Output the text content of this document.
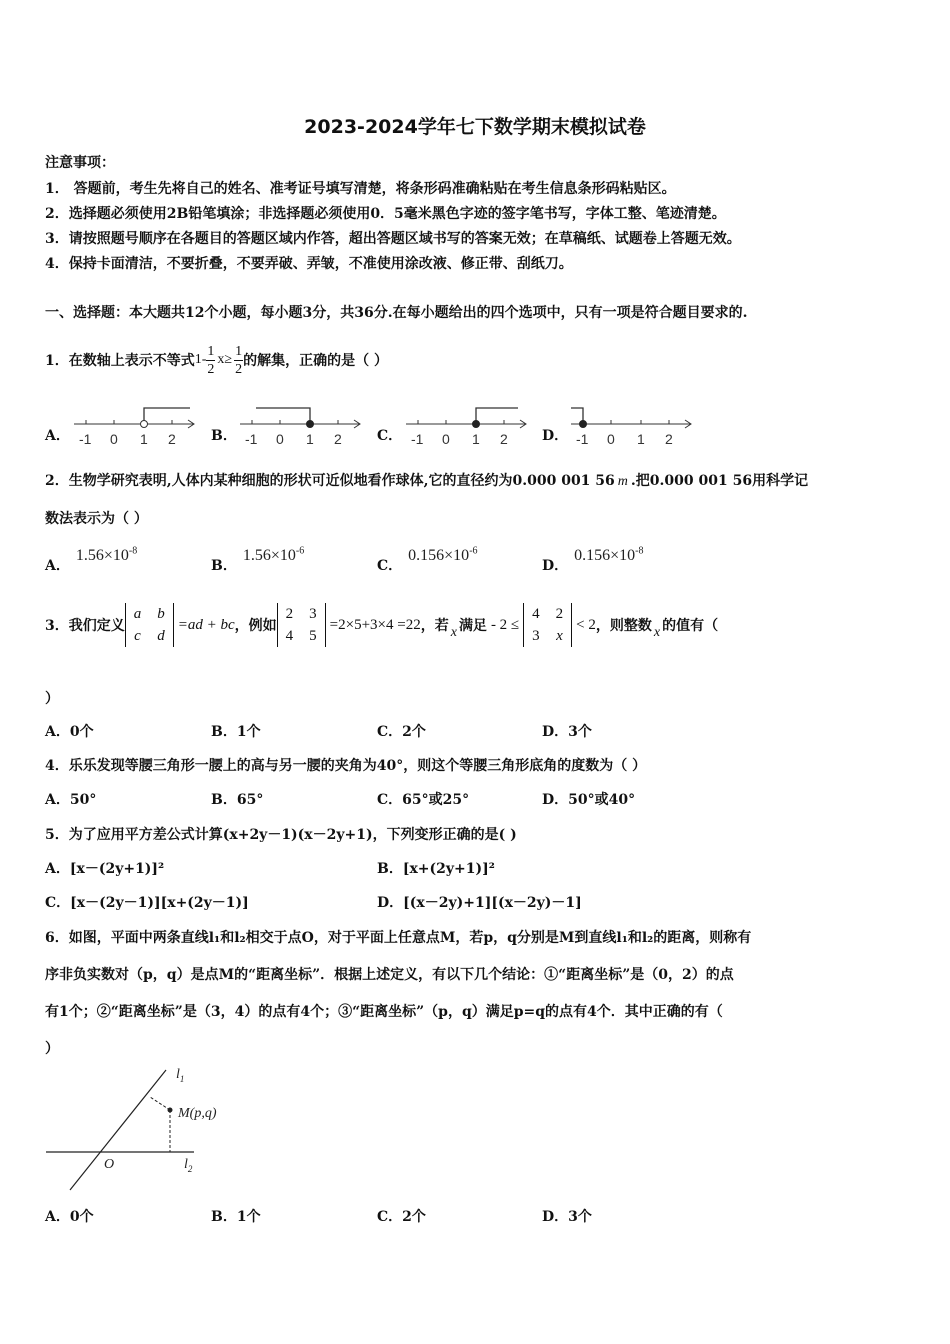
2023-2024学年七下数学期末模拟试卷
注意事项：
1． 答题前，考生先将自己的姓名、准考证号填写清楚，将条形码准确粘贴在考生信息条形码粘贴区。
2．选择题必须使用2B铅笔填涂；非选择题必须使用0．5毫米黑色字迹的签字笔书写，字体工整、笔迹清楚。
3．请按照题号顺序在各题目的答题区域内作答，超出答题区域书写的答案无效；在草稿纸、试题卷上答题无效。
4．保持卡面清洁，不要折叠，不要弄破、弄皱，不准使用涂改液、修正带、刮纸刀。
一、选择题：本大题共12个小题，每小题3分，共36分.在每小题给出的四个选项中，只有一项是符合题目要求的.
1．在数轴上表示不等式 $1- \frac{1}{2} x\ge \frac{1}{2}$ 的解集，正确的是（ ）
A．	B．	C．	D．
-1 0 1 2	-1 0 1 2	-1 0 1 2	-1 0 1 2
2．生物学研究表明,人体内某种细胞的形状可近似地看作球体,它的直径约为0.000 001 56 m .把0.000 001 56用科学记
数法表示为（ ）
A．$1.56\times 10^{-8}$
B．$1.56\times 10^{-6}$
C．$0.156\times 10^{-6}$
D．$0.156\times 10^{-8}$
3．我们定义
a	b
c	d
=ad + bc ，例如
2	3
4	5
=2×5+3×4 =22 ，若 x 满足 - 2 ≤
4	2
3	x
< 2 ，则整数 x 的值有（
）
A．0个	B．1个	C．2个	D．3个
4．乐乐发现等腰三角形一腰上的高与另一腰的夹角为40°，则这个等腰三角形底角的度数为（ ）
A．50°	B．65°	C．65°或25°	D．50°或40°
5．为了应用平方差公式计算(x+2y－1)(x－2y+1)，下列变形正确的是( )
A．[x－(2y+1)]²	B．[x+(2y+1)]²
C．[x－(2y－1)][x+(2y－1)]	D．[(x－2y)+1][(x－2y)－1]
6．如图，平面中两条直线l₁和l₂相交于点O，对于平面上任意点M，若p，q分别是M到直线l₁和l₂的距离，则称有
序非负实数对（p，q）是点M的“距离坐标”．根据上述定义，有以下几个结论：①“距离坐标”是（0，2）的点
有1个；②“距离坐标”是（3，4）的点有4个；③“距离坐标”（p，q）满足p=q的点有4个．其中正确的有（
）
$l_1$
M(p,q)
O	$l_2$
A．0个	B．1个	C．2个	D．3个
